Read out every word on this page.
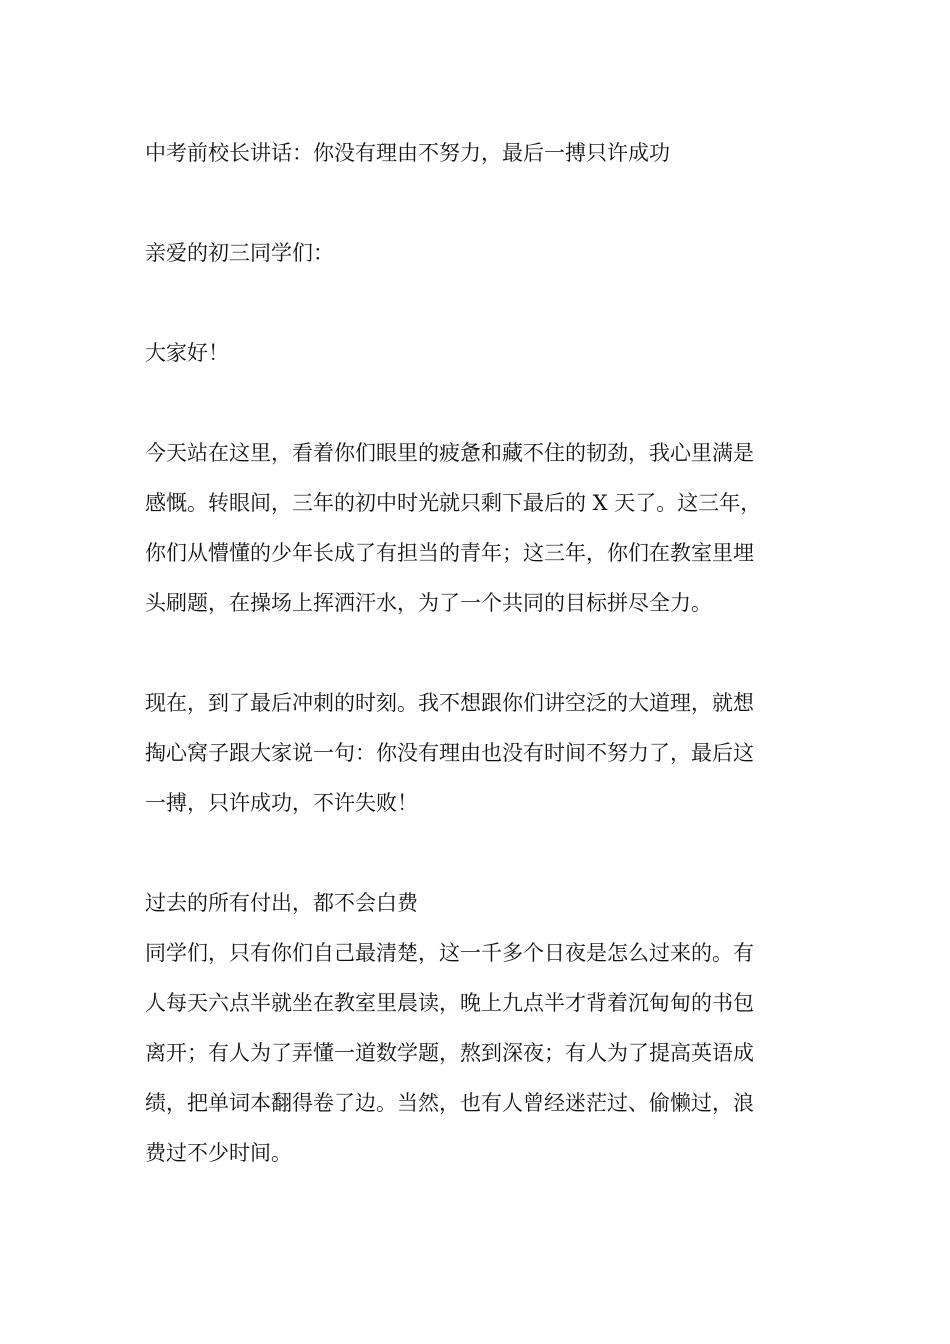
中考前校长讲话：你没有理由不努力，最后一搏只许成功
亲爱的初三同学们：
大家好！
今天站在这里，看着你们眼里的疲惫和藏不住的韧劲，我心里满是
感慨。转眼间，三年的初中时光就只剩下最后的 X 天了。这三年，
你们从懵懂的少年长成了有担当的青年；这三年，你们在教室里埋
头刷题，在操场上挥洒汗水，为了一个共同的目标拼尽全力。
现在，到了最后冲刺的时刻。我不想跟你们讲空泛的大道理，就想
掏心窝子跟大家说一句：你没有理由也没有时间不努力了，最后这
一搏，只许成功，不许失败！
过去的所有付出，都不会白费
同学们，只有你们自己最清楚，这一千多个日夜是怎么过来的。有
人每天六点半就坐在教室里晨读，晚上九点半才背着沉甸甸的书包
离开；有人为了弄懂一道数学题，熬到深夜；有人为了提高英语成
绩，把单词本翻得卷了边。当然，也有人曾经迷茫过、偷懒过，浪
费过不少时间。
